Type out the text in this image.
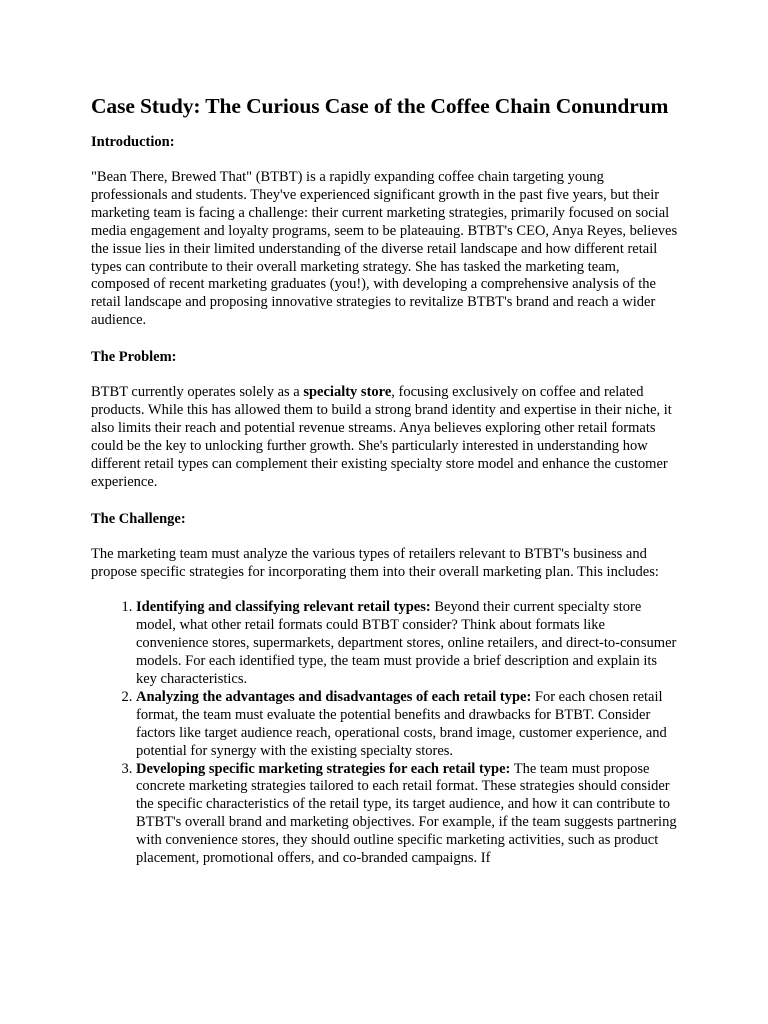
Case Study: The Curious Case of the Coffee Chain Conundrum
Introduction:

"Bean There, Brewed That" (BTBT) is a rapidly expanding coffee chain targeting young professionals and students. They've experienced significant growth in the past five years, but their marketing team is facing a challenge: their current marketing strategies, primarily focused on social media engagement and loyalty programs, seem to be plateauing. BTBT's CEO, Anya Reyes, believes the issue lies in their limited understanding of the diverse retail landscape and how different retail types can contribute to their overall marketing strategy. She has tasked the marketing team, composed of recent marketing graduates (you!), with developing a comprehensive analysis of the retail landscape and proposing innovative strategies to revitalize BTBT's brand and reach a wider audience.

The Problem:

BTBT currently operates solely as a specialty store, focusing exclusively on coffee and related products. While this has allowed them to build a strong brand identity and expertise in their niche, it also limits their reach and potential revenue streams. Anya believes exploring other retail formats could be the key to unlocking further growth. She's particularly interested in understanding how different retail types can complement their existing specialty store model and enhance the customer experience.

The Challenge:

The marketing team must analyze the various types of retailers relevant to BTBT's business and propose specific strategies for incorporating them into their overall marketing plan. This includes:

1. Identifying and classifying relevant retail types: Beyond their current specialty store model, what other retail formats could BTBT consider? Think about formats like convenience stores, supermarkets, department stores, online retailers, and direct-to-consumer models. For each identified type, the team must provide a brief description and explain its key characteristics.
2. Analyzing the advantages and disadvantages of each retail type: For each chosen retail format, the team must evaluate the potential benefits and drawbacks for BTBT. Consider factors like target audience reach, operational costs, brand image, customer experience, and potential for synergy with the existing specialty stores.
3. Developing specific marketing strategies for each retail type: The team must propose concrete marketing strategies tailored to each retail format. These strategies should consider the specific characteristics of the retail type, its target audience, and how it can contribute to BTBT's overall brand and marketing objectives. For example, if the team suggests partnering with convenience stores, they should outline specific marketing activities, such as product placement, promotional offers, and co-branded campaigns. If
